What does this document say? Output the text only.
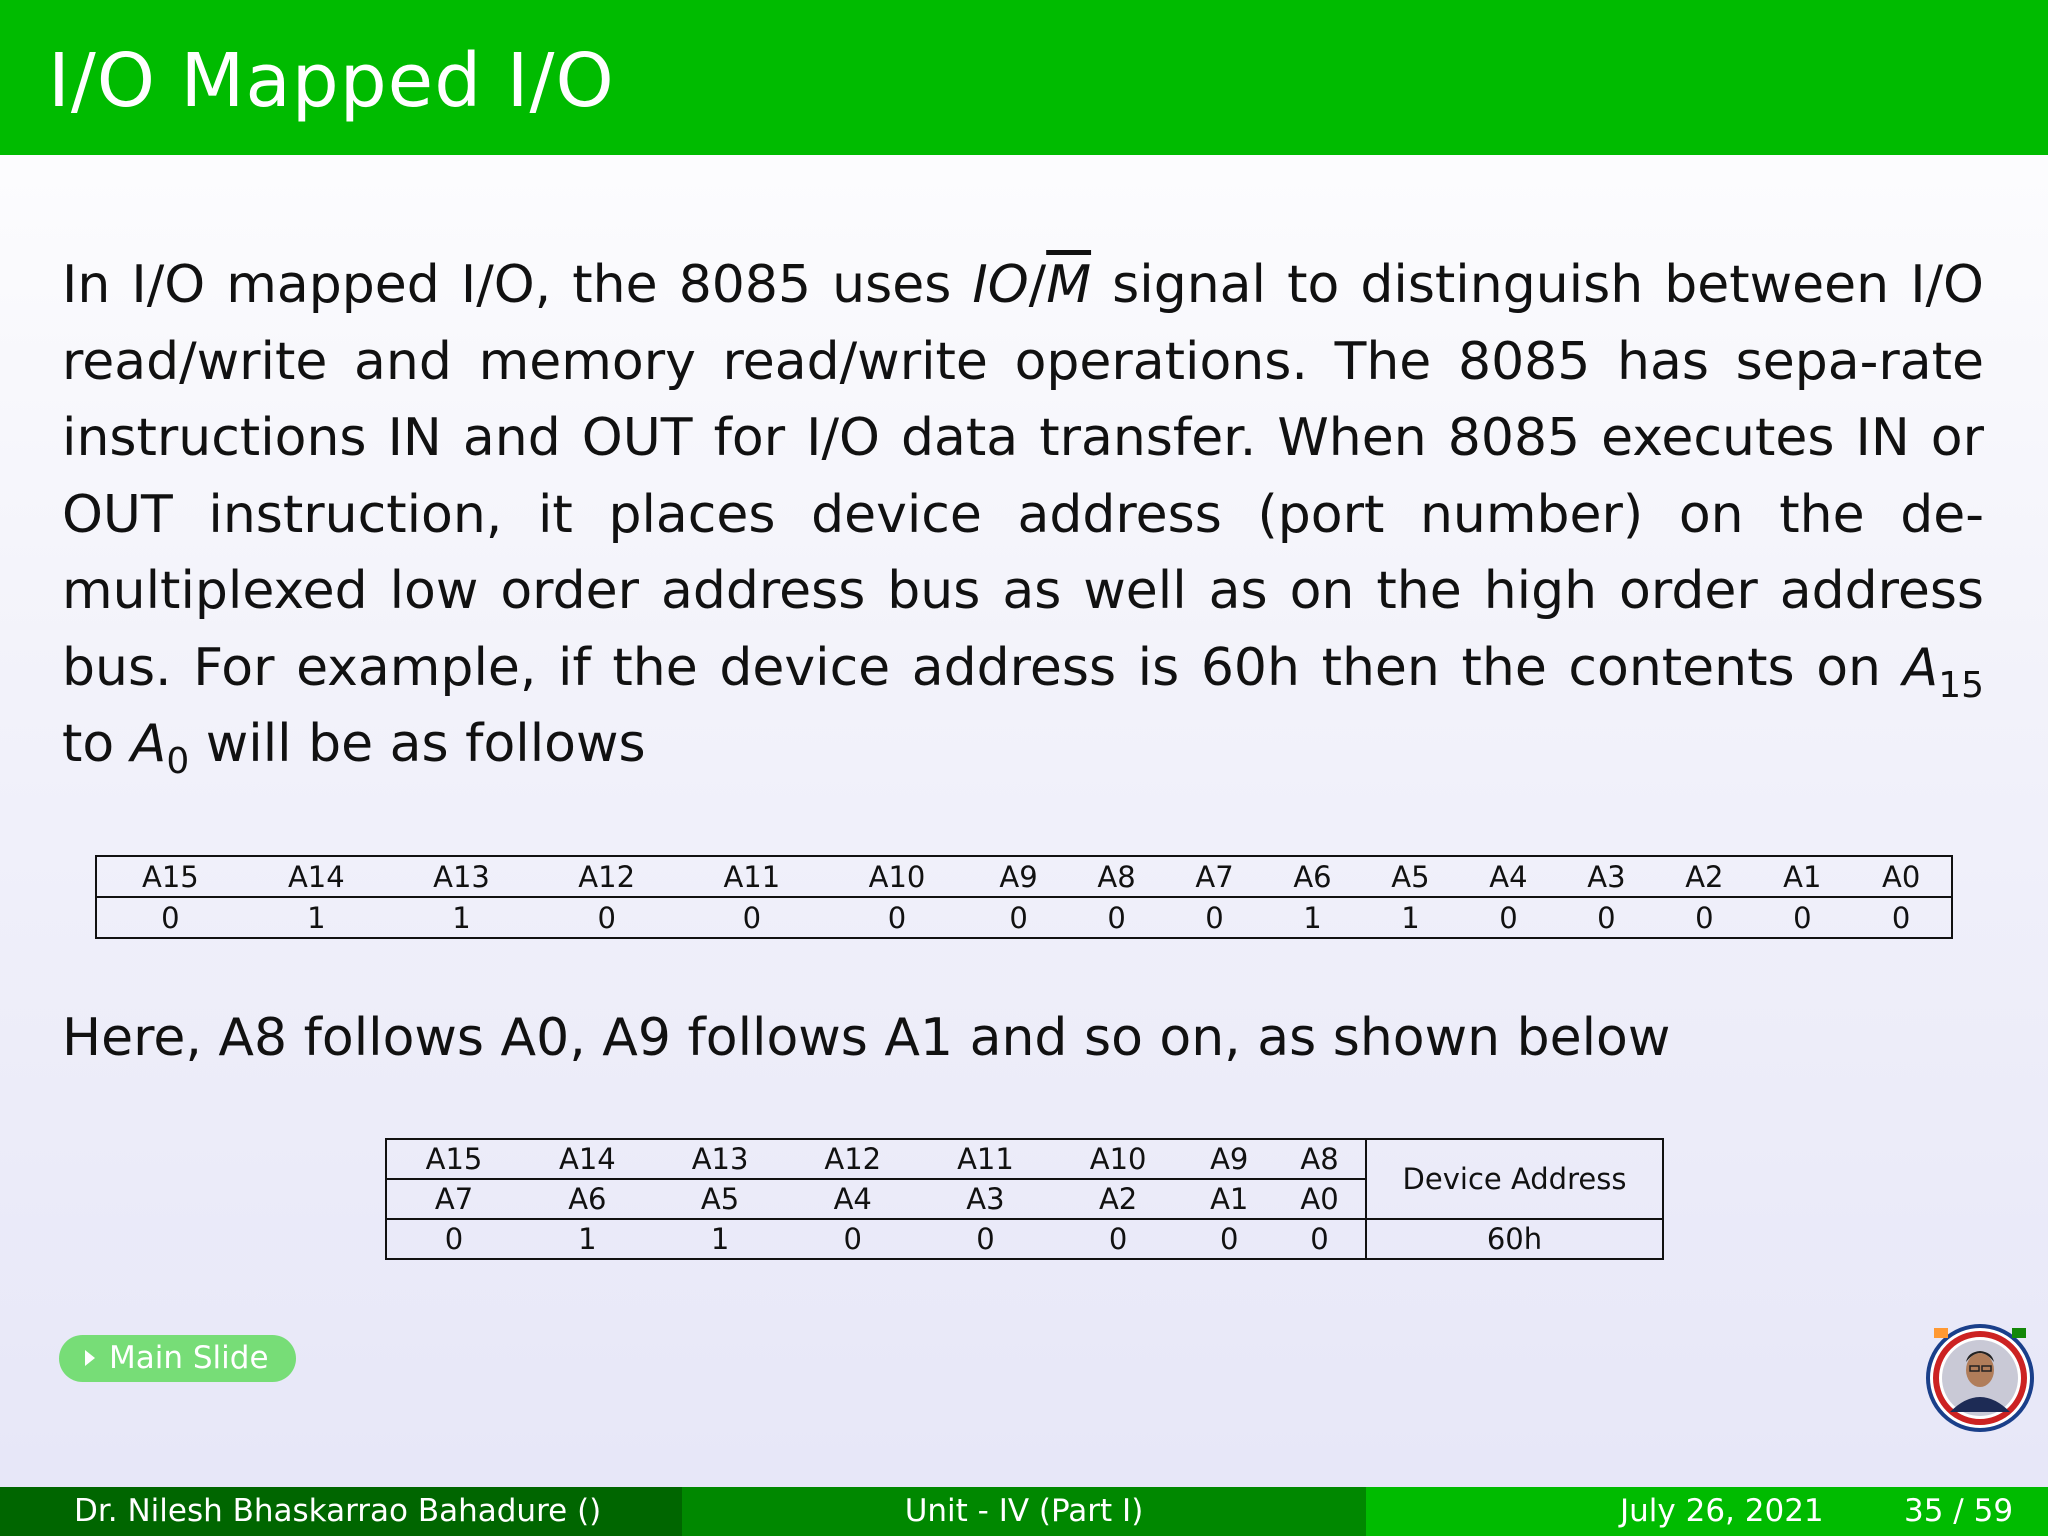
I/O Mapped I/O
In I/O mapped I/O, the 8085 uses $IO/\overline{M}$ signal to distinguish between I/O read/write and memory read/write operations. The 8085 has sepa-rate instructions IN and OUT for I/O data transfer. When 8085 executes IN or OUT instruction, it places device address (port number) on the de-multiplexed low order address bus as well as on the high order address bus. For example, if the device address is 60h then the contents on $A_{15}$ to $A_0$ will be as follows
A15	A14	A13	A12	A11	A10	A9	A8	A7	A6	A5	A4	A3	A2	A1	A0
0	1	1	0	0	0	0	0	0	1	1	0	0	0	0	0
Here, A8 follows A0, A9 follows A1 and so on, as shown below
A15	A14	A13	A12	A11	A10	A9	A8	Device Address
A7	A6	A5	A4	A3	A2	A1	A0	
0	1	1	0	0	0	0	0	60h
Main Slide
Dr. Nilesh Bhaskarrao Bahadure ()	Unit - IV (Part I)	July 26, 2021	35 / 59
